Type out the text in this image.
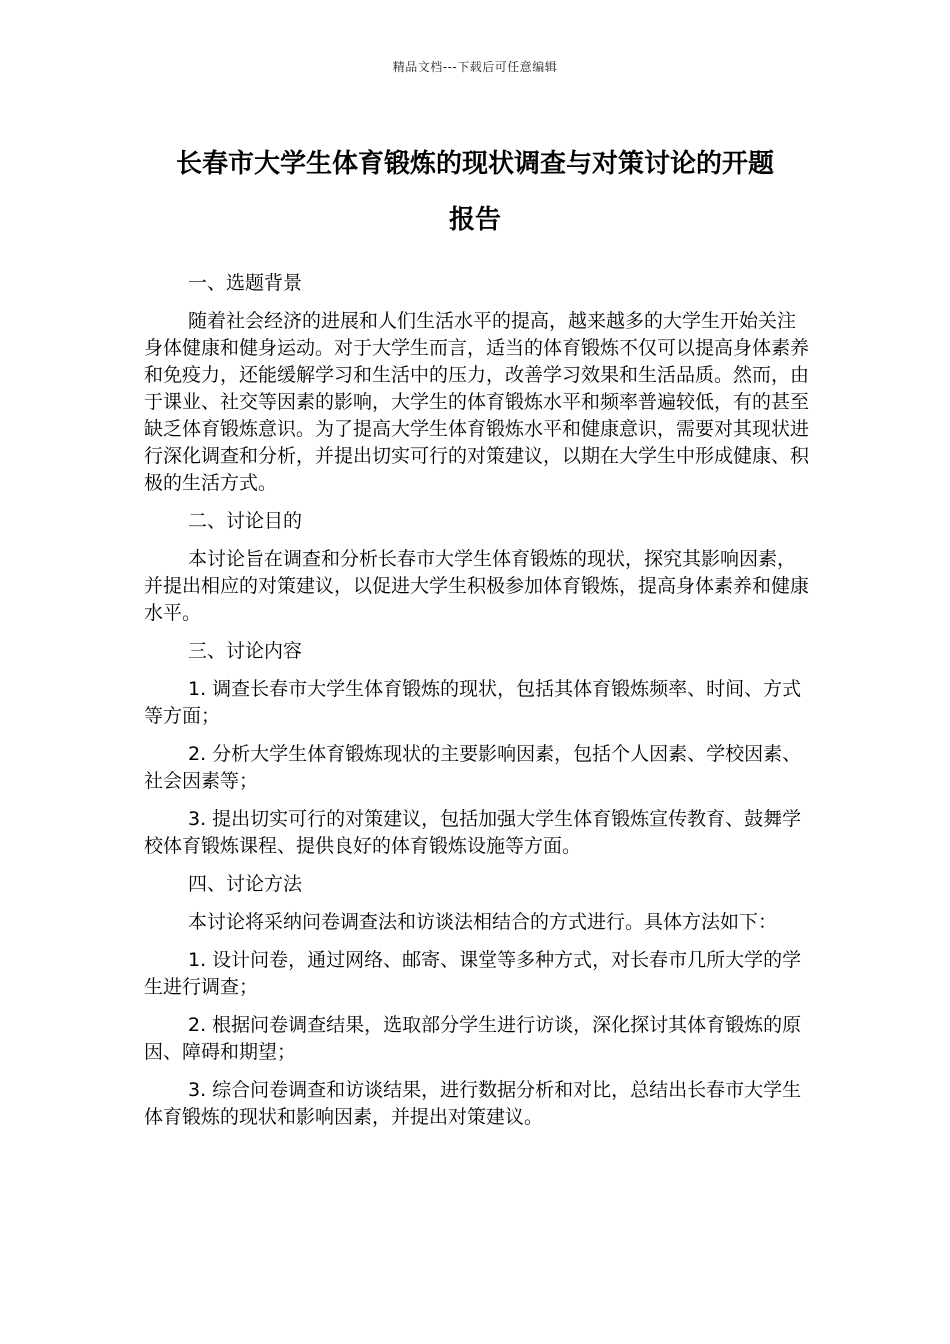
精品文档---下载后可任意编辑
长春市大学生体育锻炼的现状调查与对策讨论的开题
报告

一、选题背景

随着社会经济的进展和人们生活水平的提高，越来越多的大学生开始关注身体健康和健身运动。对于大学生而言，适当的体育锻炼不仅可以提高身体素养和免疫力，还能缓解学习和生活中的压力，改善学习效果和生活品质。然而，由于课业、社交等因素的影响，大学生的体育锻炼水平和频率普遍较低，有的甚至缺乏体育锻炼意识。为了提高大学生体育锻炼水平和健康意识，需要对其现状进行深化调查和分析，并提出切实可行的对策建议，以期在大学生中形成健康、积极的生活方式。

二、讨论目的

本讨论旨在调查和分析长春市大学生体育锻炼的现状，探究其影响因素，并提出相应的对策建议，以促进大学生积极参加体育锻炼，提高身体素养和健康水平。

三、讨论内容

1. 调查长春市大学生体育锻炼的现状，包括其体育锻炼频率、时间、方式等方面；

2. 分析大学生体育锻炼现状的主要影响因素，包括个人因素、学校因素、社会因素等；

3. 提出切实可行的对策建议，包括加强大学生体育锻炼宣传教育、鼓舞学校体育锻炼课程、提供良好的体育锻炼设施等方面。

四、讨论方法

本讨论将采纳问卷调查法和访谈法相结合的方式进行。具体方法如下：

1. 设计问卷，通过网络、邮寄、课堂等多种方式，对长春市几所大学的学生进行调查；

2. 根据问卷调查结果，选取部分学生进行访谈，深化探讨其体育锻炼的原因、障碍和期望；

3. 综合问卷调查和访谈结果，进行数据分析和对比，总结出长春市大学生体育锻炼的现状和影响因素，并提出对策建议。
